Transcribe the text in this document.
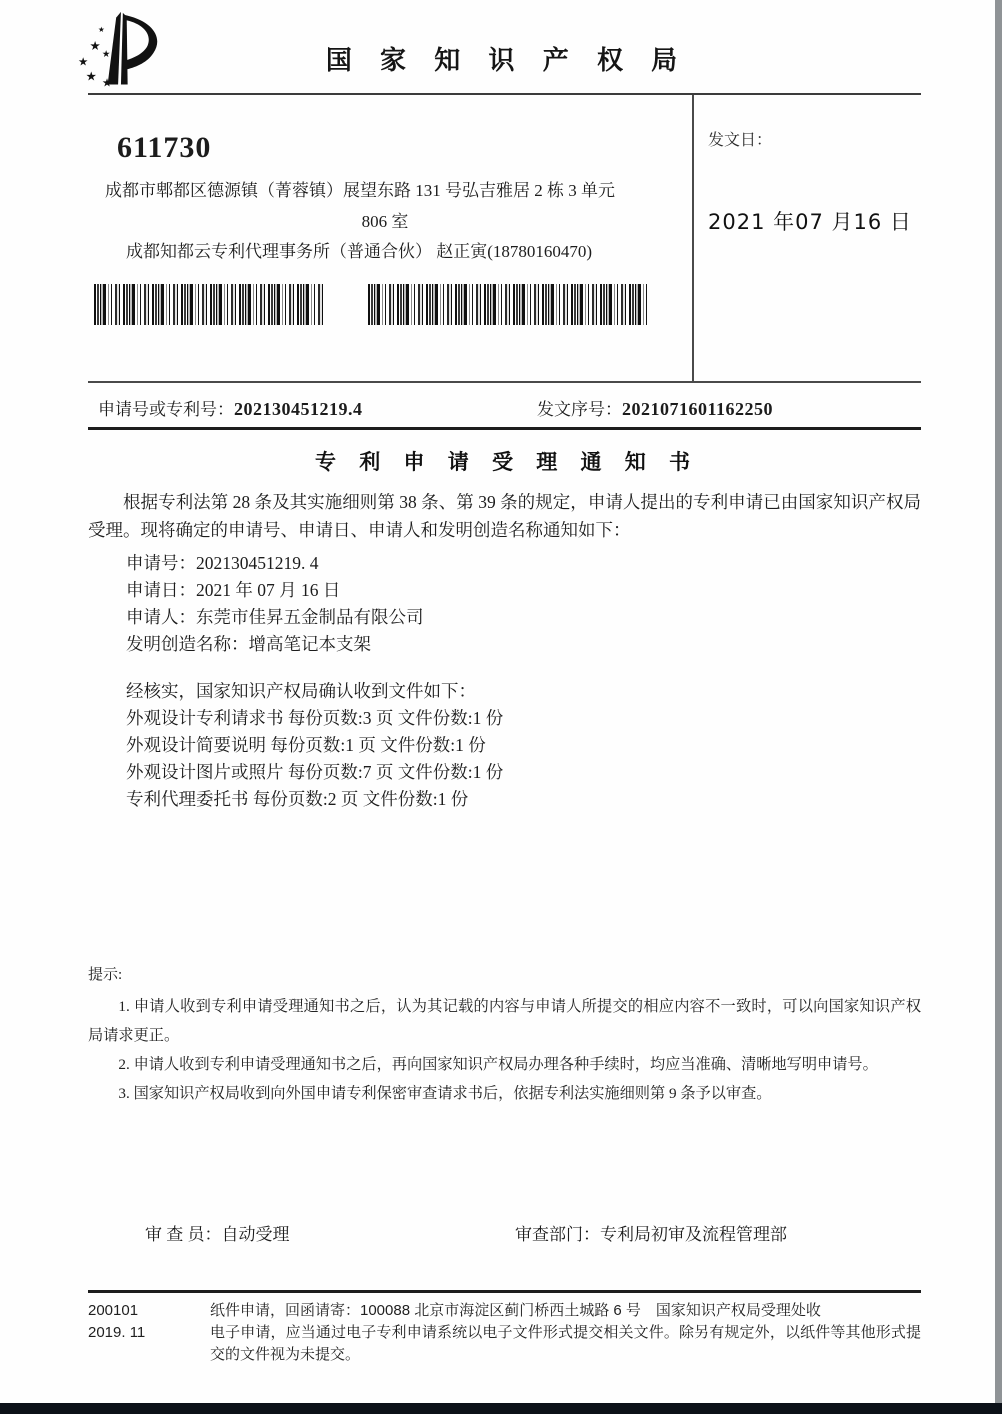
★
★
★
★
★ ★
国 家 知 识 产 权 局
611730
成都市郫都区德源镇（菁蓉镇）展望东路 131 号弘吉雅居 2 栋 3 单元
806 室
成都知都云专利代理事务所（普通合伙） 赵正寅(18780160470)
发文日：
2021 年07 月16 日
申请号或专利号：202130451219.4	发文序号：2021071601162250
专 利 申 请 受 理 通 知 书

根据专利法第 28 条及其实施细则第 38 条、第 39 条的规定，申请人提出的专利申请已由国家知识产权局受理。现将确定的申请号、申请日、申请人和发明创造名称通知如下：

申请号：202130451219. 4
申请日：2021 年 07 月 16 日
申请人：东莞市佳昇五金制品有限公司
发明创造名称：增高笔记本支架

经核实，国家知识产权局确认收到文件如下：

外观设计专利请求书 每份页数:3 页 文件份数:1 份
外观设计简要说明 每份页数:1 页 文件份数:1 份
外观设计图片或照片 每份页数:7 页 文件份数:1 份
专利代理委托书 每份页数:2 页 文件份数:1 份
提示:

1. 申请人收到专利申请受理通知书之后，认为其记载的内容与申请人所提交的相应内容不一致时，可以向国家知识产权局请求更正。

2. 申请人收到专利申请受理通知书之后，再向国家知识产权局办理各种手续时，均应当准确、清晰地写明申请号。

3. 国家知识产权局收到向外国申请专利保密审查请求书后，依据专利法实施细则第 9 条予以审查。

审 查 员：自动受理	审查部门：专利局初审及流程管理部
200101	纸件申请，回函请寄：100088 北京市海淀区蓟门桥西土城路 6 号　国家知识产权局受理处收
2019. 11	电子申请，应当通过电子专利申请系统以电子文件形式提交相关文件。除另有规定外，以纸件等其他形式提交的文件视为未提交。
